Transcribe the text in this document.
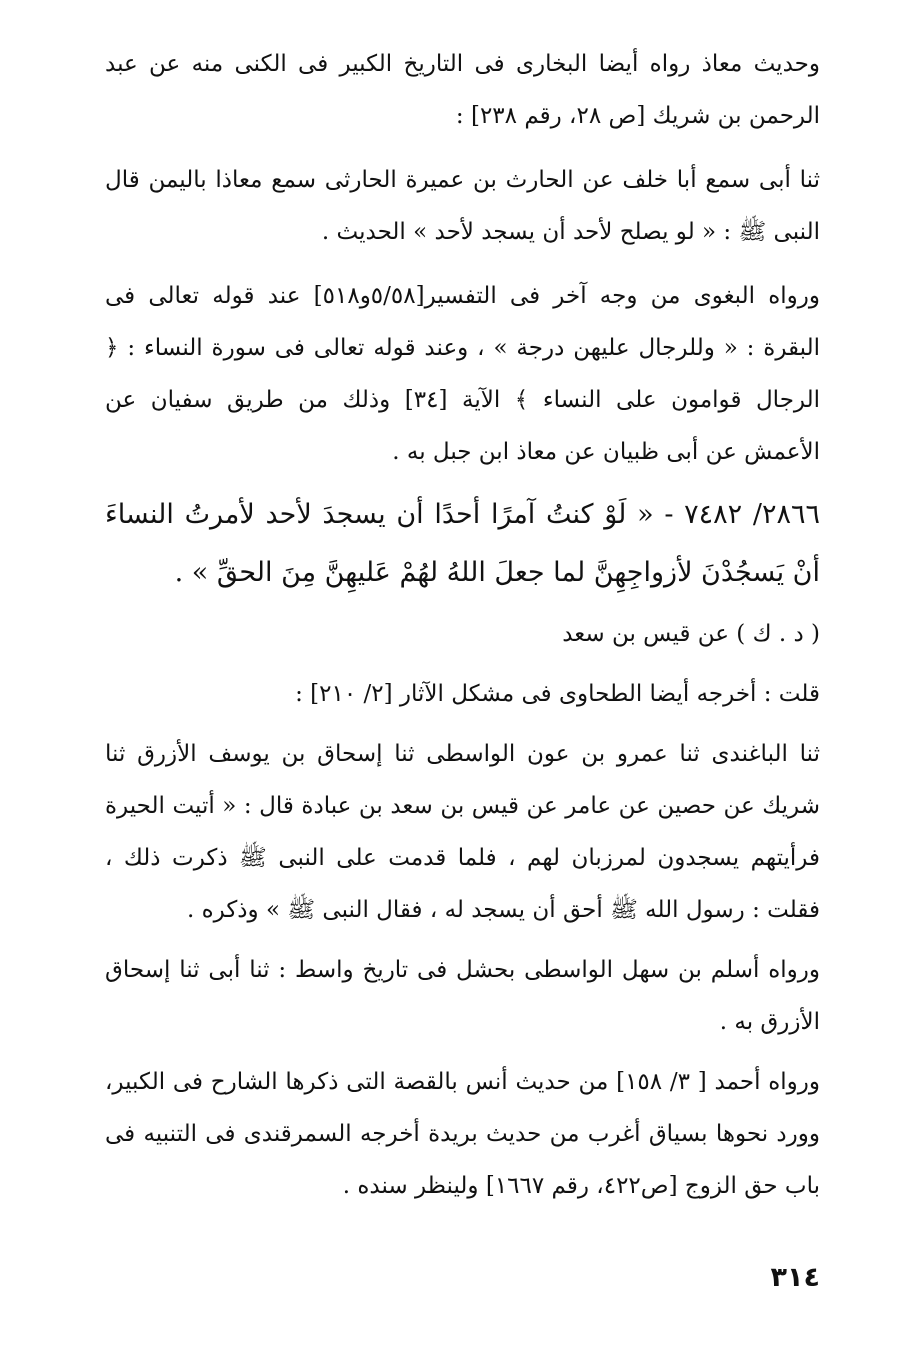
وحديث معاذ رواه أيضا البخارى فى التاريخ الكبير فى الكنى منه عن عبد الرحمن بن شريك [ص ٢٨، رقم ٢٣٨] :

ثنا أبى سمع أبا خلف عن الحارث بن عميرة الحارثى سمع معاذا باليمن قال النبى ﷺ : « لو يصلح لأحد أن يسجد لأحد » الحديث .

ورواه البغوى من وجه آخر فى التفسير[٥/٥٨و٥١٨] عند قوله تعالى فى البقرة : « وللرجال عليهن درجة » ، وعند قوله تعالى فى سورة النساء : ﴿ الرجال قوامون على النساء ﴾ الآية [٣٤] وذلك من طريق سفيان عن الأعمش عن أبى ظبيان عن معاذ ابن جبل به .

٢٨٦٦/ ٧٤٨٢ - « لَوْ كنتُ آمرًا أحدًا أن يسجدَ لأحد لأمرتُ النساءَ أنْ يَسجُدْنَ لأزواجِهِنَّ لما جعلَ اللهُ لهُمْ عَليهِنَّ مِنَ الحقِّ » .

( د . ك ) عن قيس بن سعد

قلت : أخرجه أيضا الطحاوى فى مشكل الآثار [٢/ ٢١٠] :

ثنا الباغندى ثنا عمرو بن عون الواسطى ثنا إسحاق بن يوسف الأزرق ثنا شريك عن حصين عن عامر عن قيس بن سعد بن عبادة قال : « أتيت الحيرة فرأيتهم يسجدون لمرزبان لهم ، فلما قدمت على النبى ﷺ ذكرت ذلك ، فقلت : رسول الله ﷺ أحق أن يسجد له ، فقال النبى ﷺ » وذكره .

ورواه أسلم بن سهل الواسطى بحشل فى تاريخ واسط : ثنا أبى ثنا إسحاق الأزرق به .

ورواه أحمد [ ٣/ ١٥٨] من حديث أنس بالقصة التى ذكرها الشارح فى الكبير، وورد نحوها بسياق أغرب من حديث بريدة أخرجه السمرقندى فى التنبيه فى باب حق الزوج [ص٤٢٢، رقم ١٦٦٧] ولينظر سنده .

٣١٤
